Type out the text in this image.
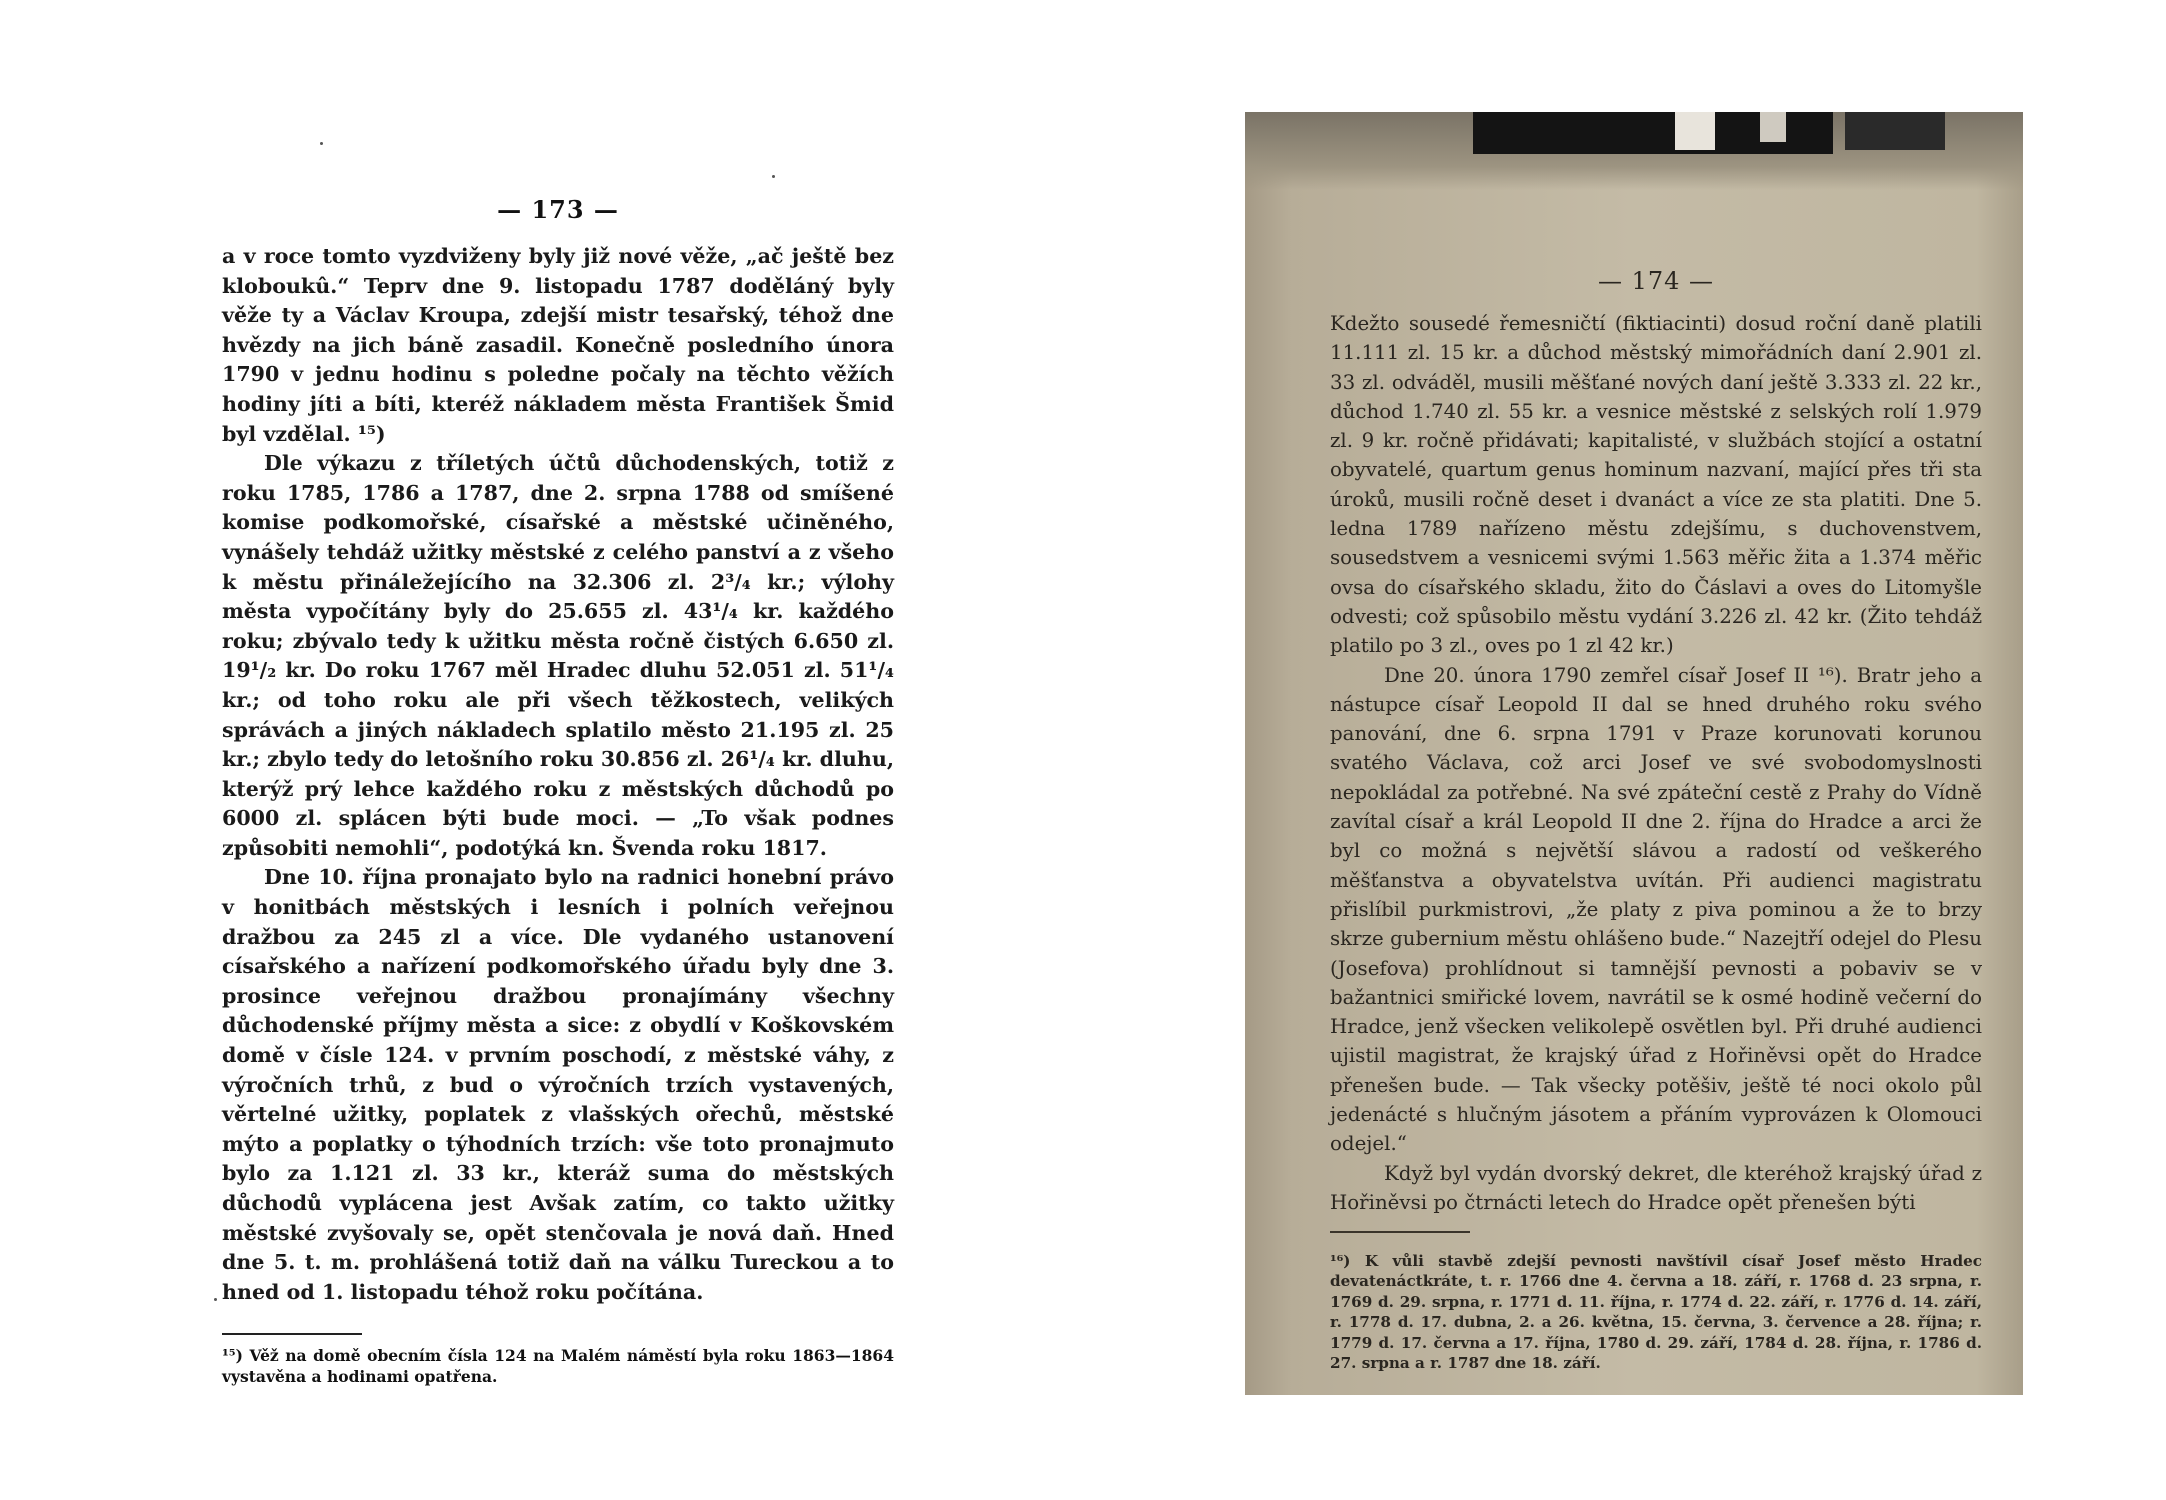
— 173 —

a v roce tomto vyzdviženy byly již nové věže, „ač ještě bez kloboukû.“ Teprv dne 9. listopadu 1787 doděláný byly věže ty a Václav Kroupa, zdejší mistr tesařský, téhož dne hvězdy na jich báně zasadil. Konečně posledního února 1790 v jednu hodinu s poledne počaly na těchto věžích hodiny jíti a bíti, kteréž nákladem města František Šmid byl vzdělal. ¹⁵)

Dle výkazu z tříletých účtů důchodenských, totiž z roku 1785, 1786 a 1787, dne 2. srpna 1788 od smíšené komise podkomořské, císařské a městské učiněného, vynášely tehdáž užitky městské z celého panství a z všeho k městu přináležejícího na 32.306 zl. 2³/₄ kr.; výlohy města vypočítány byly do 25.655 zl. 43¹/₄ kr. každého roku; zbývalo tedy k užitku města ročně čistých 6.650 zl. 19¹/₂ kr. Do roku 1767 měl Hradec dluhu 52.051 zl. 51¹/₄ kr.; od toho roku ale při všech těžkostech, velikých správách a jiných nákladech splatilo město 21.195 zl. 25 kr.; zbylo tedy do letošního roku 30.856 zl. 26¹/₄ kr. dluhu, kterýž prý lehce každého roku z městských důchodů po 6000 zl. splácen býti bude moci. — „To však podnes způsobiti nemohli“, podotýká kn. Švenda roku 1817.

Dne 10. října pronajato bylo na radnici honební právo v honitbách městských i lesních i polních veřejnou dražbou za 245 zl a více. Dle vydaného ustanovení císařského a nařízení podkomořského úřadu byly dne 3. prosince veřejnou dražbou pronajímány všechny důchodenské příjmy města a sice: z obydlí v Koškovském domě v čísle 124. v prvním poschodí, z městské váhy, z výročních trhů, z bud o výročních trzích vystavených, věrtelné užitky, poplatek z vlašských ořechů, městské mýto a poplatky o týhodních trzích: vše toto pronajmuto bylo za 1.121 zl. 33 kr., kteráž suma do městských důchodů vyplácena jest Avšak zatím, co takto užitky městské zvyšovaly se, opět stenčovala je nová daň. Hned dne 5. t. m. prohlášená totiž daň na válku Tureckou a to hned od 1. listopadu téhož roku počítána.

¹⁵) Věž na domě obecním čísla 124 na Malém náměstí byla roku 1863—1864 vystavěna a hodinami opatřena.

— 174 —

Kdežto sousedé řemesničtí (fiktiacinti) dosud roční daně platili 11.111 zl. 15 kr. a důchod městský mimořádních daní 2.901 zl. 33 zl. odváděl, musili měšťané nových daní ještě 3.333 zl. 22 kr., důchod 1.740 zl. 55 kr. a vesnice městské z selských rolí 1.979 zl. 9 kr. ročně přidávati; kapitalisté, v službách stojící a ostatní obyvatelé, quartum genus hominum nazvaní, mající přes tři sta úroků, musili ročně deset i dvanáct a více ze sta platiti. Dne 5. ledna 1789 nařízeno městu zdejšímu, s duchovenstvem, sousedstvem a vesnicemi svými 1.563 měřic žita a 1.374 měřic ovsa do císařského skladu, žito do Čáslavi a oves do Litomyšle odvesti; což spůsobilo městu vydání 3.226 zl. 42 kr. (Žito tehdáž platilo po 3 zl., oves po 1 zl 42 kr.)

Dne 20. února 1790 zemřel císař Josef II ¹⁶). Bratr jeho a nástupce císař Leopold II dal se hned druhého roku svého panování, dne 6. srpna 1791 v Praze korunovati korunou svatého Václava, což arci Josef ve své svobodomyslnosti nepokládal za potřebné. Na své zpáteční cestě z Prahy do Vídně zavítal císař a král Leopold II dne 2. října do Hradce a arci že byl co možná s největší slávou a radostí od veškerého měšťanstva a obyvatelstva uvítán. Při audienci magistratu přislíbil purkmistrovi, „že platy z piva pominou a že to brzy skrze gubernium městu ohlášeno bude.“ Nazejtří odejel do Plesu (Josefova) prohlídnout si tamnější pevnosti a pobaviv se v bažantnici smiřické lovem, navrátil se k osmé hodině večerní do Hradce, jenž všecken velikolepě osvětlen byl. Při druhé audienci ujistil magistrat, že krajský úřad z Hořiněvsi opět do Hradce přenešen bude. — Tak všecky potěšiv, ještě té noci okolo půl jedenácté s hlučným jásotem a přáním vyprovázen k Olomouci odejel.“

Když byl vydán dvorský dekret, dle kteréhož krajský úřad z Hořiněvsi po čtrnácti letech do Hradce opět přenešen býti

¹⁶) K vůli stavbě zdejší pevnosti navštívil císař Josef město Hradec devatenáctkráte, t. r. 1766 dne 4. června a 18. září, r. 1768 d. 23 srpna, r. 1769 d. 29. srpna, r. 1771 d. 11. října, r. 1774 d. 22. září, r. 1776 d. 14. září, r. 1778 d. 17. dubna, 2. a 26. května, 15. června, 3. července a 28. října; r. 1779 d. 17. června a 17. října, 1780 d. 29. září, 1784 d. 28. října, r. 1786 d. 27. srpna a r. 1787 dne 18. září.
